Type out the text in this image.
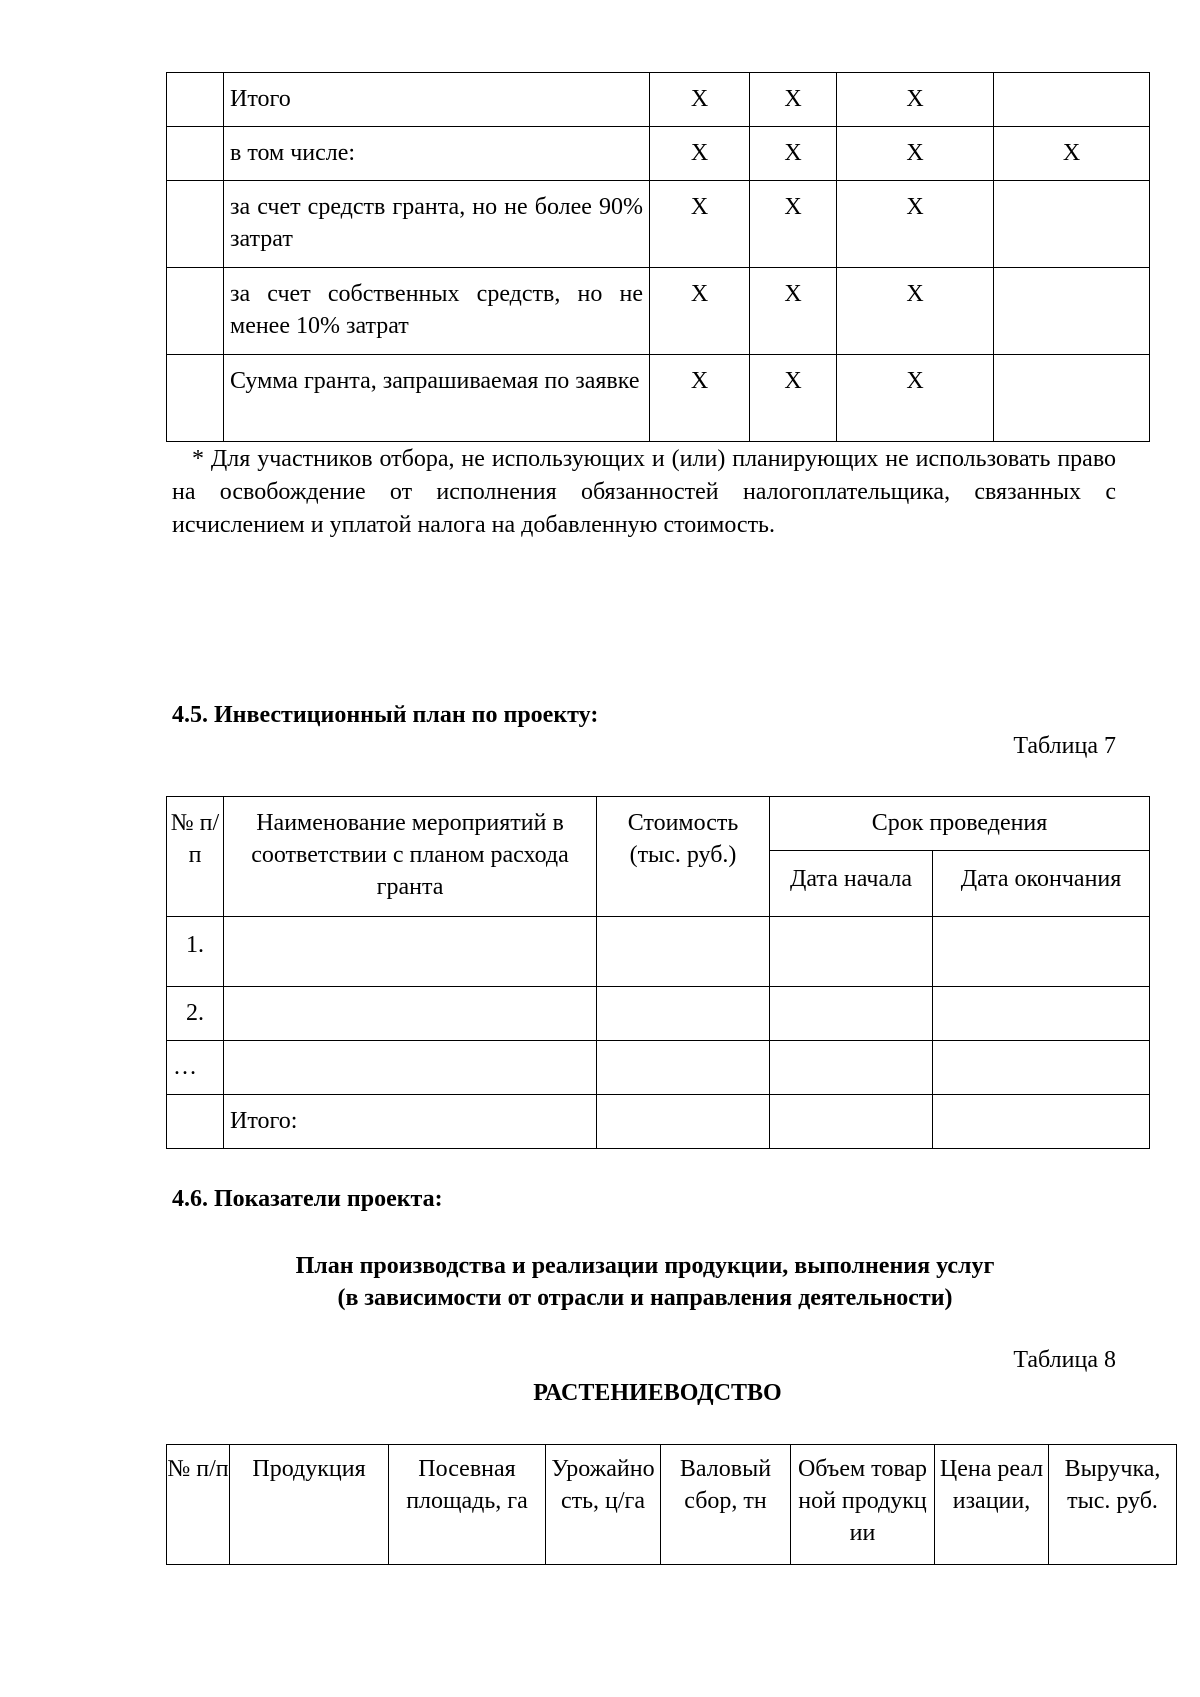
	Итого	X	X	X	
	в том числе:	X	X	X	X
	за счет средств гранта, но не более 90% затрат	X	X	X	
	за счет собственных средств, но не менее 10% затрат	X	X	X	
	Сумма гранта, запрашиваемая по заявке	X	X	X	
* Для участников отбора, не использующих и (или) планирующих не использовать право на освобождение от исполнения обязанностей налогоплательщика, связанных с исчислением и уплатой налога на добавленную стоимость.
4.5. Инвестиционный план по проекту:
Таблица 7
№ п/п	Наименование мероприятий в соответствии с планом расхода гранта	Стоимость (тыс. руб.)	Срок проведения	
			Дата начала	Дата окончания
1.				
2.				
…				
	Итого:			
4.6. Показатели проекта:
План производства и реализации продукции, выполнения услуг
(в зависимости от отрасли и направления деятельности)
Таблица 8
РАСТЕНИЕВОДСТВО
№ п/п	Продукция	Посевная площадь, га	Урожайность, ц/га	Валовый сбор, тн	Объем товарной продукции	Цена реализации,	Выручка, тыс. руб.
